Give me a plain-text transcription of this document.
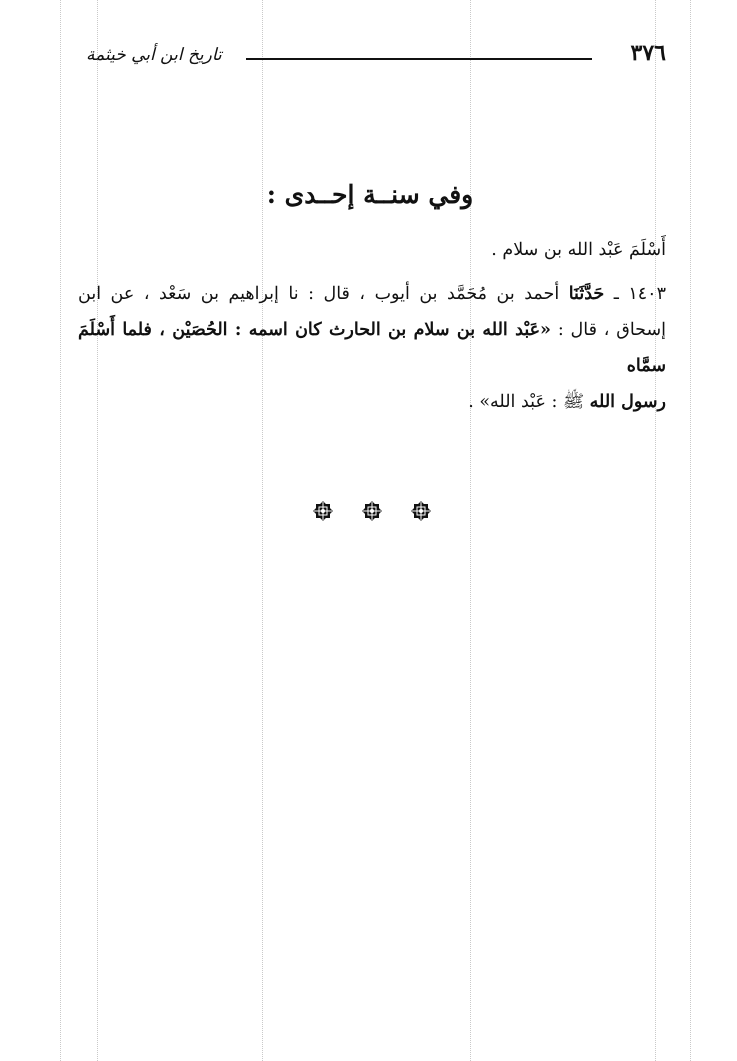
٣٧٦
تاريخ ابن أبي خيثمة
وفي سنــة إحــدى :
أَسْلَمَ عَبْد الله بن سلام .

١٤٠٣ ـ حَدَّثَنَا أحمد بن مُحَمَّد بن أيوب ، قال : نا إبراهيم بن سَعْد ، عن ابن

إسحاق ، قال : «عَبْد الله بن سلام بن الحارث كان اسمه : الحُصَيْن ، فلما أَسْلَمَ سمَّاه

رسول الله ﷺ : عَبْد الله» .
